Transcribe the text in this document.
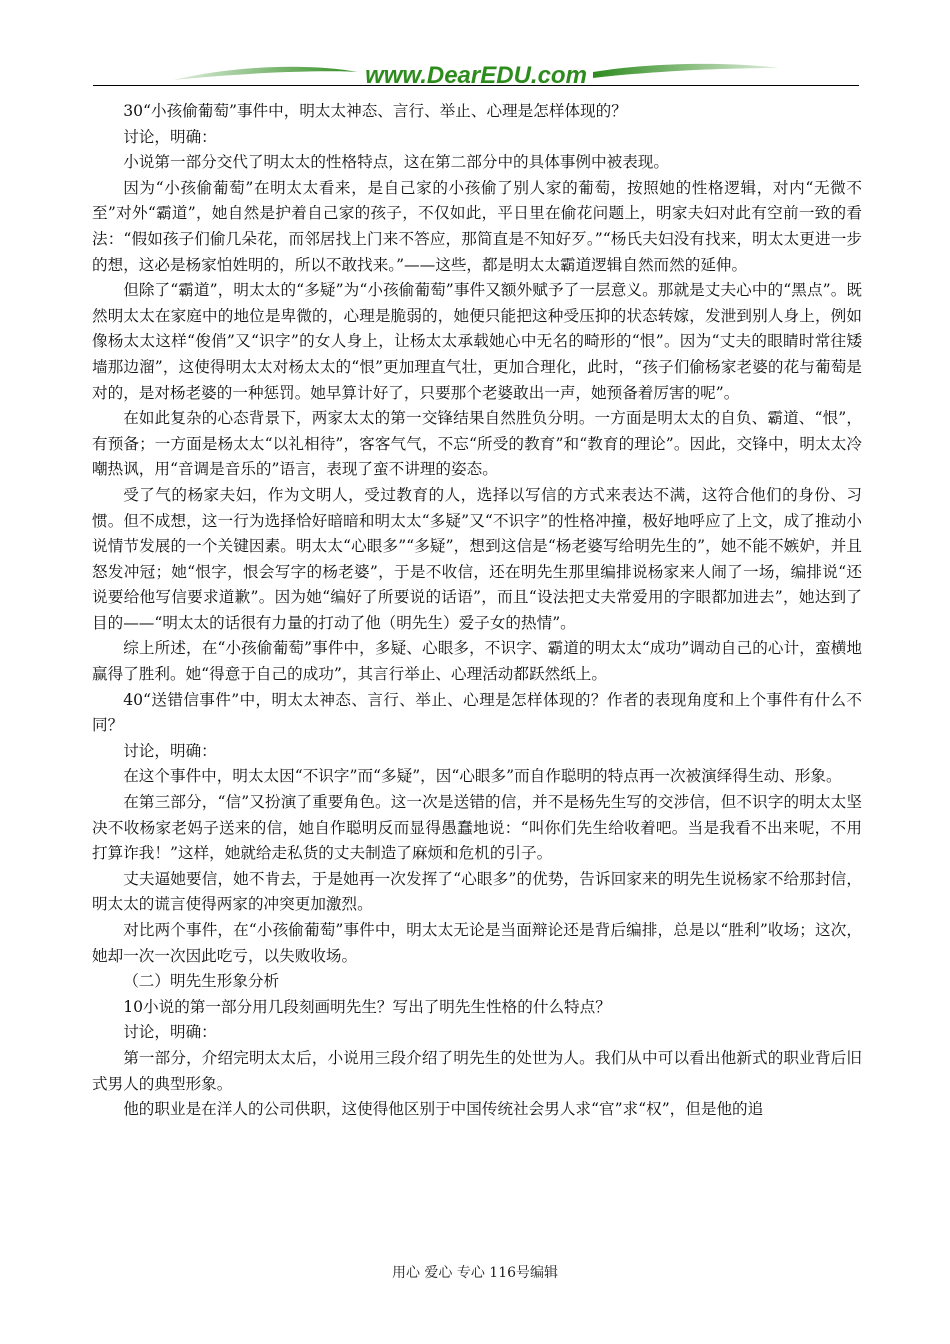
www.DearEDU.com

30“小孩偷葡萄”事件中，明太太神态、言行、举止、心理是怎样体现的？

讨论，明确：

小说第一部分交代了明太太的性格特点，这在第二部分中的具体事例中被表现。

因为“小孩偷葡萄”在明太太看来，是自己家的小孩偷了别人家的葡萄，按照她的性格逻辑，对内“无微不至”对外“霸道”，她自然是护着自己家的孩子，不仅如此，平日里在偷花问题上，明家夫妇对此有空前一致的看法：“假如孩子们偷几朵花，而邻居找上门来不答应，那简直是不知好歹。”“杨氏夫妇没有找来，明太太更进一步的想，这必是杨家怕姓明的，所以不敢找来。”——这些，都是明太太霸道逻辑自然而然的延伸。

但除了“霸道”，明太太的“多疑”为“小孩偷葡萄”事件又额外赋予了一层意义。那就是丈夫心中的“黑点”。既然明太太在家庭中的地位是卑微的，心理是脆弱的，她便只能把这种受压抑的状态转嫁，发泄到别人身上，例如像杨太太这样“俊俏”又“识字”的女人身上，让杨太太承载她心中无名的畸形的“恨”。因为“丈夫的眼睛时常往矮墙那边溜”，这使得明太太对杨太太的“恨”更加理直气壮，更加合理化，此时，“孩子们偷杨家老婆的花与葡萄是对的，是对杨老婆的一种惩罚。她早算计好了，只要那个老婆敢出一声，她预备着厉害的呢”。

在如此复杂的心态背景下，两家太太的第一交锋结果自然胜负分明。一方面是明太太的自负、霸道、“恨”，有预备；一方面是杨太太“以礼相待”，客客气气，不忘“所受的教育”和“教育的理论”。因此，交锋中，明太太冷嘲热讽，用“音调是音乐的”语言，表现了蛮不讲理的姿态。

受了气的杨家夫妇，作为文明人，受过教育的人，选择以写信的方式来表达不满，这符合他们的身份、习惯。但不成想，这一行为选择恰好暗暗和明太太“多疑”又“不识字”的性格冲撞，极好地呼应了上文，成了推动小说情节发展的一个关键因素。明太太“心眼多”“多疑”，想到这信是“杨老婆写给明先生的”，她不能不嫉妒，并且怒发冲冠；她“恨字，恨会写字的杨老婆”，于是不收信，还在明先生那里编排说杨家来人闹了一场，编排说“还说要给他写信要求道歉”。因为她“编好了所要说的话语”，而且“设法把丈夫常爱用的字眼都加进去”，她达到了目的——“明太太的话很有力量的打动了他（明先生）爱子女的热情”。

综上所述，在“小孩偷葡萄”事件中，多疑、心眼多，不识字、霸道的明太太“成功”调动自己的心计，蛮横地赢得了胜利。她“得意于自己的成功”，其言行举止、心理活动都跃然纸上。

40“送错信事件”中，明太太神态、言行、举止、心理是怎样体现的？作者的表现角度和上个事件有什么不同？

讨论，明确：

在这个事件中，明太太因“不识字”而“多疑”，因“心眼多”而自作聪明的特点再一次被演绎得生动、形象。

在第三部分，“信”又扮演了重要角色。这一次是送错的信，并不是杨先生写的交涉信，但不识字的明太太坚决不收杨家老妈子送来的信，她自作聪明反而显得愚蠢地说：“叫你们先生给收着吧。当是我看不出来呢，不用打算诈我！”这样，她就给走私货的丈夫制造了麻烦和危机的引子。

丈夫逼她要信，她不肯去，于是她再一次发挥了“心眼多”的优势，告诉回家来的明先生说杨家不给那封信，明太太的谎言使得两家的冲突更加激烈。

对比两个事件，在“小孩偷葡萄”事件中，明太太无论是当面辩论还是背后编排，总是以“胜利”收场；这次，她却一次一次因此吃亏，以失败收场。

（二）明先生形象分析

10小说的第一部分用几段刻画明先生？写出了明先生性格的什么特点？

讨论，明确：

第一部分，介绍完明太太后，小说用三段介绍了明先生的处世为人。我们从中可以看出他新式的职业背后旧式男人的典型形象。

他的职业是在洋人的公司供职，这使得他区别于中国传统社会男人求“官”求“权”，但是他的追

用心 爱心 专心 116号编辑
